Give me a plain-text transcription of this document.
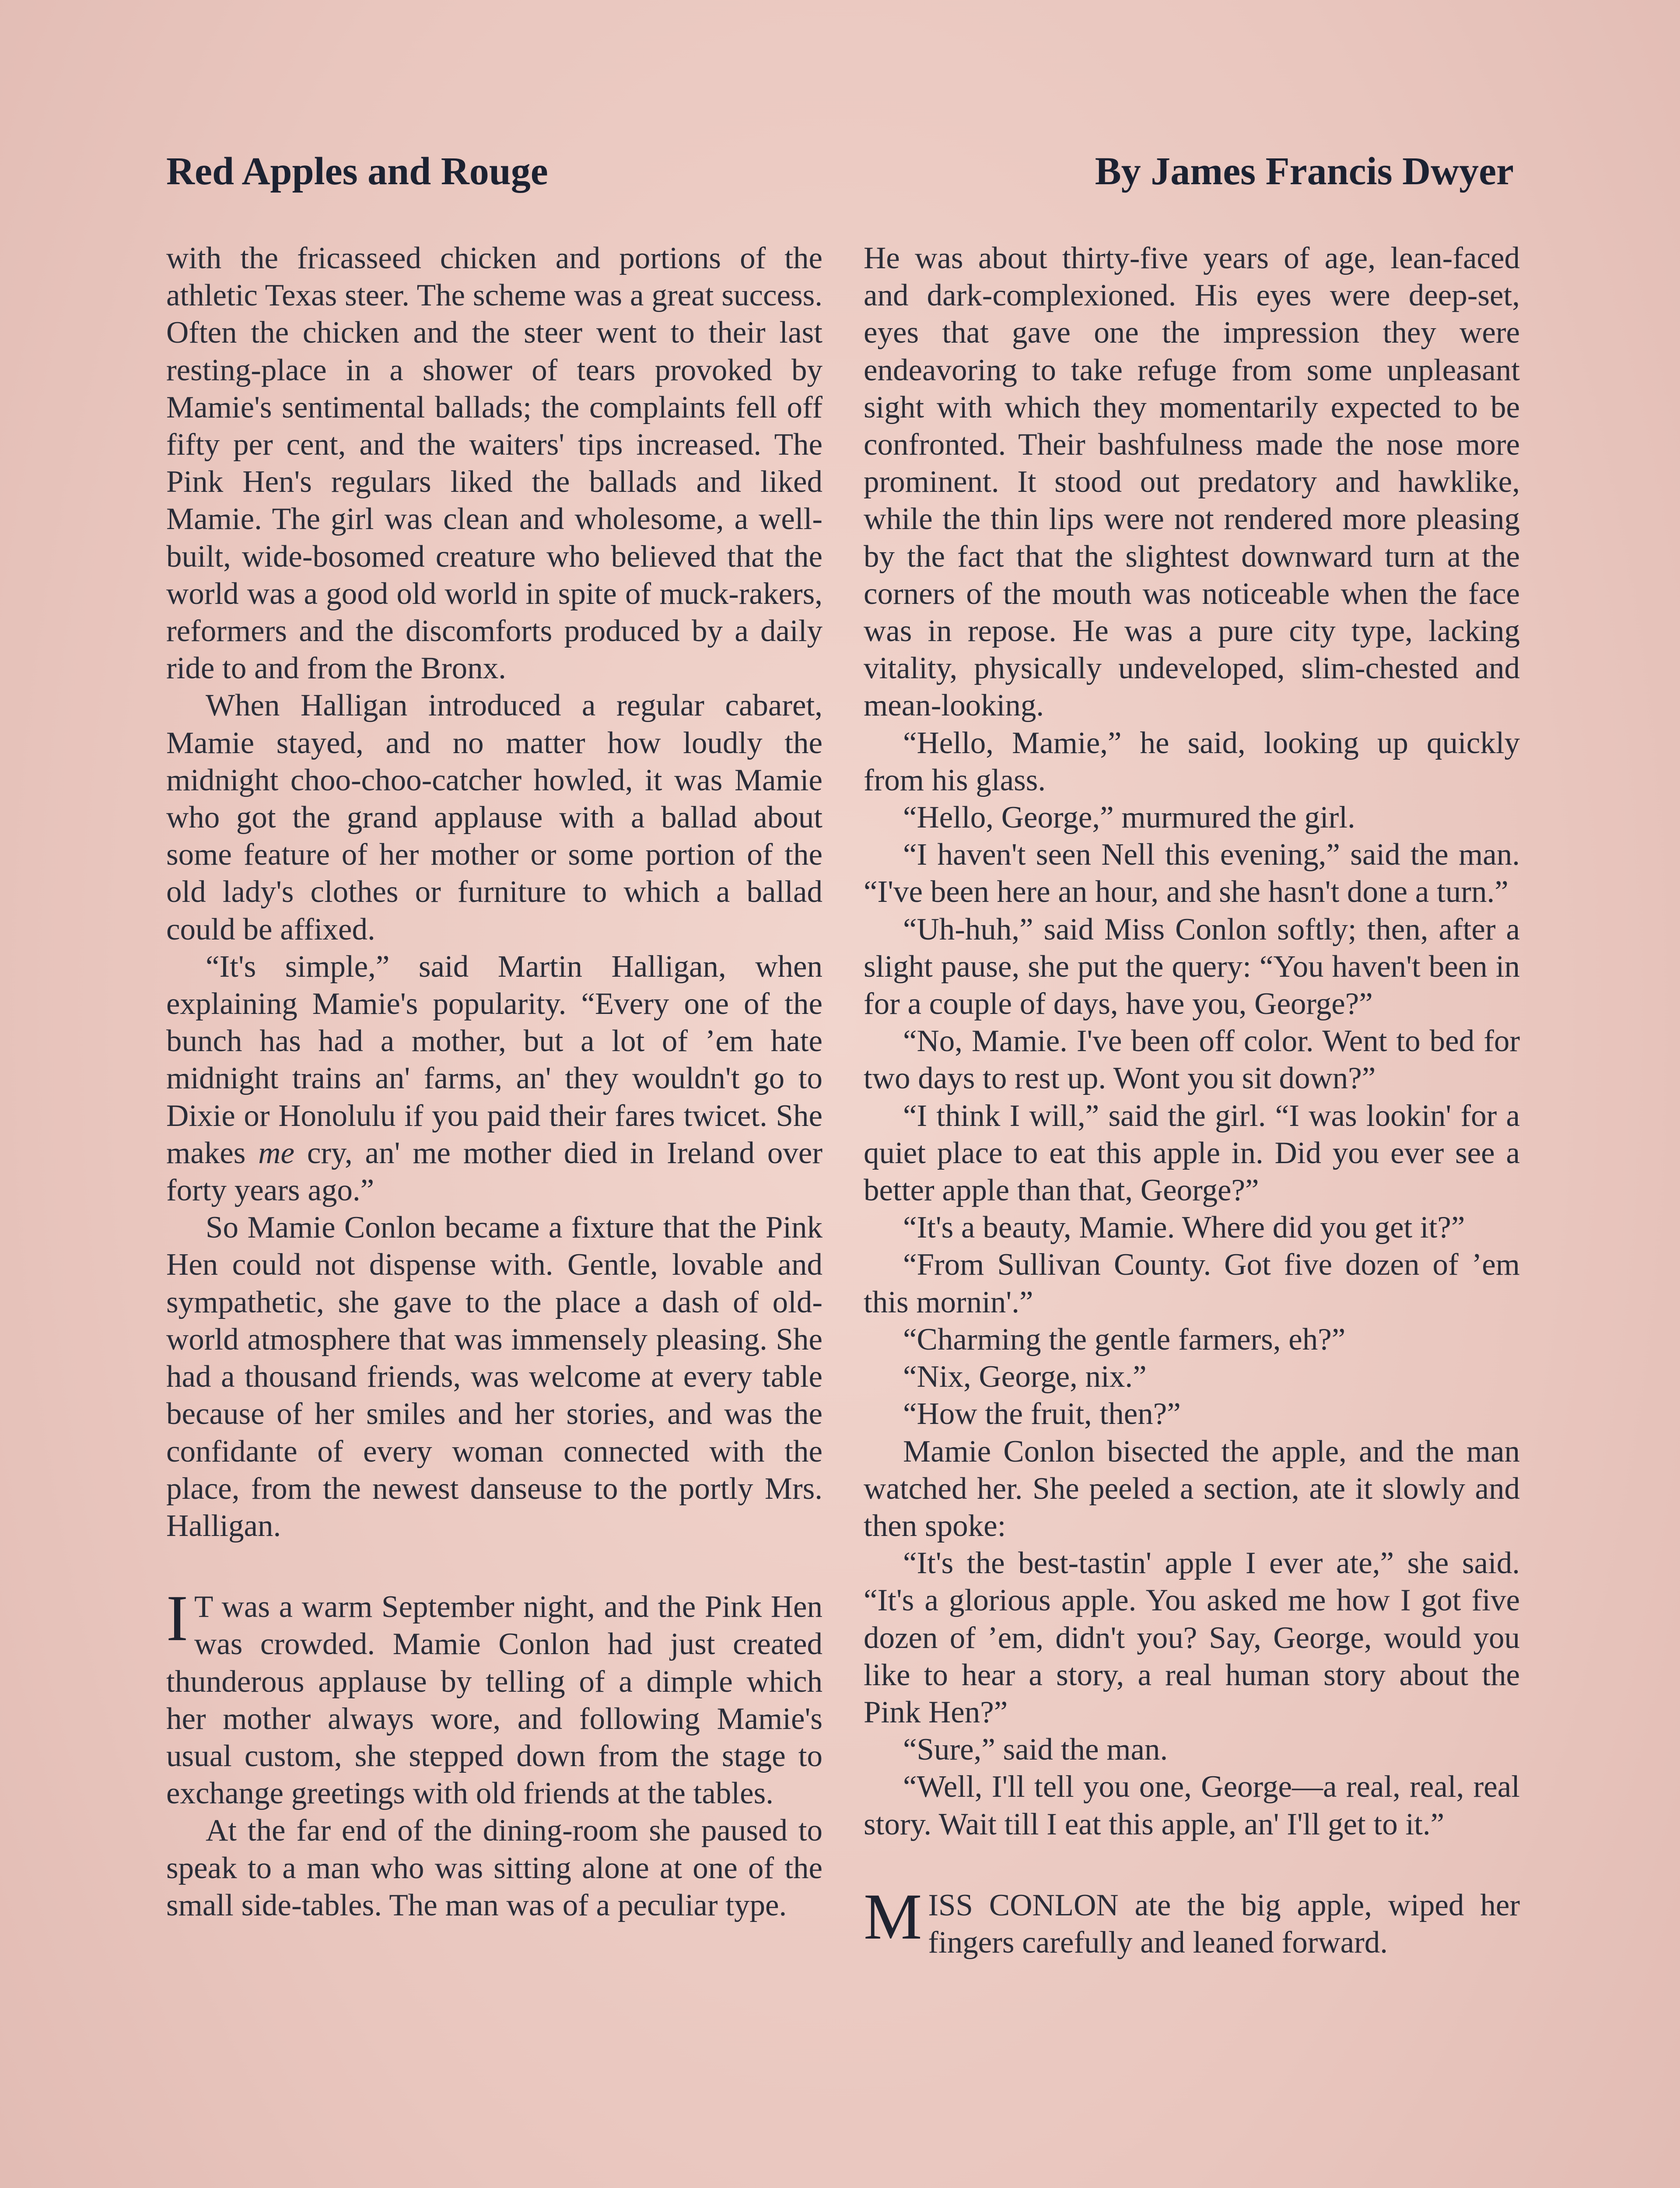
Red Apples and Rouge	By James Francis Dwyer

with the fricasseed chicken and portions of the athletic Texas steer. The scheme was a great success. Often the chicken and the steer went to their last resting-place in a shower of tears provoked by Mamie's sentimental ballads; the complaints fell off fifty per cent, and the waiters' tips increased. The Pink Hen's regulars liked the ballads and liked Mamie. The girl was clean and wholesome, a well-built, wide-bosomed creature who believed that the world was a good old world in spite of muck-rakers, reformers and the discomforts produced by a daily ride to and from the Bronx.

When Halligan introduced a regular cabaret, Mamie stayed, and no matter how loudly the midnight choo-choo-catcher howled, it was Mamie who got the grand applause with a ballad about some feature of her mother or some portion of the old lady's clothes or furniture to which a ballad could be affixed.

“It's simple,” said Martin Halligan, when explaining Mamie's popularity. “Every one of the bunch has had a mother, but a lot of ’em hate midnight trains an' farms, an' they wouldn't go to Dixie or Honolulu if you paid their fares twicet. She makes me cry, an' me mother died in Ireland over forty years ago.”

So Mamie Conlon became a fixture that the Pink Hen could not dispense with. Gentle, lovable and sympathetic, she gave to the place a dash of old-world atmosphere that was immensely pleasing. She had a thousand friends, was welcome at every table because of her smiles and her stories, and was the confidante of every woman connected with the place, from the newest danseuse to the portly Mrs. Halligan.

I T was a warm September night, and the Pink Hen was crowded. Mamie Conlon had just created thunderous applause by telling of a dimple which her mother always wore, and following Mamie's usual custom, she stepped down from the stage to exchange greetings with old friends at the tables.

At the far end of the dining-room she paused to speak to a man who was sitting alone at one of the small side-tables. The man was of a peculiar type.

He was about thirty-five years of age, lean-faced and dark-complexioned. His eyes were deep-set, eyes that gave one the impression they were endeavoring to take refuge from some unpleasant sight with which they momentarily expected to be confronted. Their bashfulness made the nose more prominent. It stood out predatory and hawklike, while the thin lips were not rendered more pleasing by the fact that the slightest downward turn at the corners of the mouth was noticeable when the face was in repose. He was a pure city type, lacking vitality, physically undeveloped, slim-chested and mean-looking.

“Hello, Mamie,” he said, looking up quickly from his glass.

“Hello, George,” murmured the girl.

“I haven't seen Nell this evening,” said the man. “I've been here an hour, and she hasn't done a turn.”

“Uh-huh,” said Miss Conlon softly; then, after a slight pause, she put the query: “You haven't been in for a couple of days, have you, George?”

“No, Mamie. I've been off color. Went to bed for two days to rest up. Wont you sit down?”

“I think I will,” said the girl. “I was lookin' for a quiet place to eat this apple in. Did you ever see a better apple than that, George?”

“It's a beauty, Mamie. Where did you get it?”

“From Sullivan County. Got five dozen of ’em this mornin'.”

“Charming the gentle farmers, eh?”

“Nix, George, nix.”

“How the fruit, then?”

Mamie Conlon bisected the apple, and the man watched her. She peeled a section, ate it slowly and then spoke:

“It's the best-tastin' apple I ever ate,” she said. “It's a glorious apple. You asked me how I got five dozen of ’em, didn't you? Say, George, would you like to hear a story, a real human story about the Pink Hen?”

“Sure,” said the man.

“Well, I'll tell you one, George—a real, real, real story. Wait till I eat this apple, an' I'll get to it.”

MISS CONLON ate the big apple, wiped her fingers carefully and leaned forward.
